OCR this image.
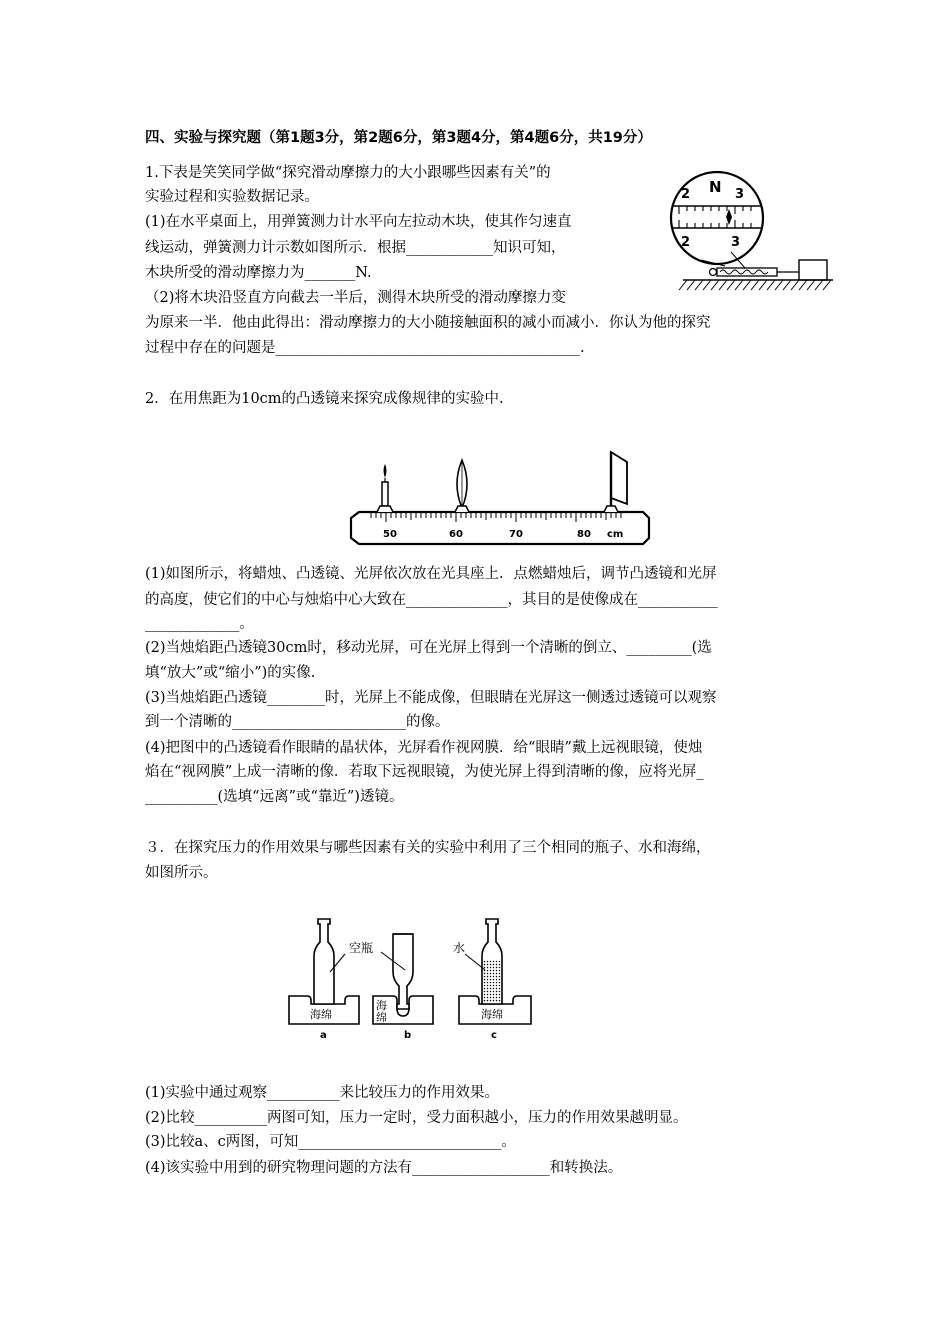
四、实验与探究题（第1题3分，第2题6分，第3题4分，第4题6分，共19分）
1.下表是笑笑同学做“探究滑动摩擦力的大小跟哪些因素有关”的
实验过程和实验数据记录。
(1)在水平桌面上，用弹簧测力计水平向左拉动木块，使其作匀速直
线运动，弹簧测力计示数如图所示．根据____________知识可知，
木块所受的滑动摩擦力为_______N.
（2)将木块沿竖直方向截去一半后，测得木块所受的滑动摩擦力变
为原来一半．他由此得出：滑动摩擦力的大小随接触面积的减小而减小．你认为他的探究
过程中存在的问题是__________________________________________.
N
2	3
2	3
2．在用焦距为10cm的凸透镜来探究成像规律的实验中.
50	60	70	80 cm
(1)如图所示，将蜡烛、凸透镜、光屏依次放在光具座上．点燃蜡烛后，调节凸透镜和光屏
的高度，使它们的中心与烛焰中心大致在______________，其目的是使像成在___________
_____________。
(2)当烛焰距凸透镜30cm时，移动光屏，可在光屏上得到一个清晰的倒立、_________(选
填“放大”或“缩小”)的实像.
(3)当烛焰距凸透镜________时，光屏上不能成像，但眼睛在光屏这一侧透过透镜可以观察
到一个清晰的________________________的像。
(4)把图中的凸透镜看作眼睛的晶状体，光屏看作视网膜．给“眼睛”戴上远视眼镜，使烛
焰在“视网膜”上成一清晰的像．若取下远视眼镜，为使光屏上得到清晰的像，应将光屏_
__________(选填“远离”或“靠近”)透镜。
３．在探究压力的作用效果与哪些因素有关的实验中利用了三个相同的瓶子、水和海绵，
如图所示。
空瓶
海绵
a
海
绵
b
水
海绵
c
(1)实验中通过观察__________来比较压力的作用效果。
(2)比较__________两图可知，压力一定时，受力面积越小，压力的作用效果越明显。
(3)比较a、c两图，可知____________________________。
(4)该实验中用到的研究物理问题的方法有___________________和转换法。
